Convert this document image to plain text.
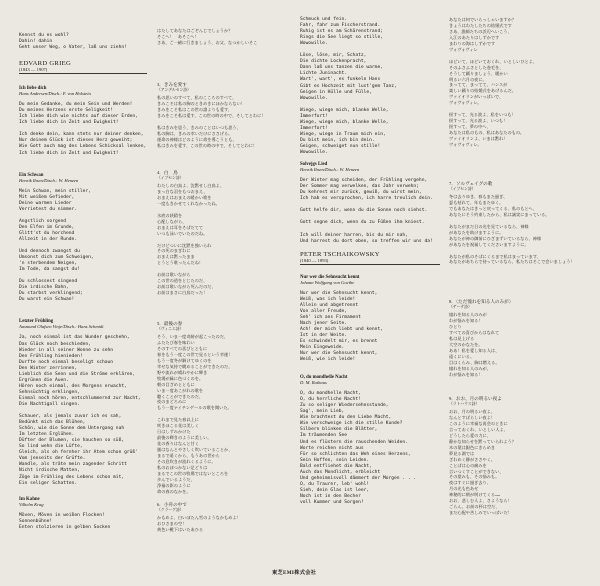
Kennst du es wohl?
Dahin! dahin
Geht unser Weg, o Vater, laß uns ziehn!
EDVARD GRIEG
(1843 — 1907)
Ich liebe dich
Hans Andersen/Dtsch.: F. von Holstein
Du mein Gedanke, du mein Sein und Werden!
Du meines Herzens erste Seligkeit!
Ich liebe dich wie nichts auf dieser Erden,
Ich liebe dich in Zeit und Ewigkeit!

Ich denke dein, kann stets nur deiner denken,
Nur deinem Glück ist dieses Herz geweiht;
Wie Gott auch mag des Lebens Schicksal lenken,
Ich liebe dich in Zeit und Ewigkeit!
Ein Schwan
Henrik Ibsen/Dtsch.: W. Henzen
Mein Schwan, mein stiller,
Mit weißem Gefieder,
Deine warmen Lieder
Verrietest du nimmer.

Angstlich sorgend
Den Elfen im Grunde,
Glitt'st du horchend
Allzeit in der Runde.

Und dennoch zwangst du
Umsonst dich zum Schweigen,
'n sterbendem Neigen,
Im Tode, da sangst du!

Du schlossest singend
Die irdische Bahn,
Du starbst verklingend;
Du warst ein Schwan!
Letzter Frühling
Aasmund Olafsen Vinje/Dtsch.: Hans Schmidt
Ja, noch einmal ist das Wunder geschehn,
Das Glück noch beschieden,
Wieder in all seiner Wonne zu sehn
Den Frühling hienieden!
Durfte noch einmal beseligt schaun
Den Winter zerrinnen,
Lieblich die Senn und die Ströme erklären,
Ergrünen die Auen.
Hören noch einmal, des Morgens erwacht,
Sehnsüchtig erklingen,
Einmal noch hören, entschlummernd zur Nacht,
Die Nachtigall singen.

Schauer, als jemals zuvor ich es sah,
Bedünkt mich das Blühen,
Schön, wie die Sonne dem Untergang nah
Im letzten Erglühen.
Düfter der Blumen, sie hauchen so süß,
So lind wehn die Lüfte,
Gleich, als oh fernher ihr Atem schon grüß'
Vom jenseits der Grüfte.
Wandle, als träte mein zagender Schritt
Nicht irdische Matten,
Zöge im Frühling des Lebens schon mit,
Ein seliger Schatten.
Im Kahne
Vilhelm Krag
Möven, Möven in weißen Flocken!
Sonnenbühne!
Enten stolzieren in gelben Socken
はたしてあなたはごぞんじでしょうか？
そこへ！　あそこへ！
さあ、ご一緒に行きましょう、お父、なつかしいそこ
3．きみを愛す
（アンデルセン詩）
私の思いのすべて、私のこころのすべて、
きみこそは私の胸のときめきにほかならない！
きみをこそ私はこの世の誰よりも愛す、
きみをこそ私は愛す、この世の時の中で、そしてとわに！

私はきみを思う、きみのことはいつも思う、
私の胸は、きみの幸いだけにささげる。
運命の神様はどのように命を導こうとも、
私はきみを愛す、この世の時の中で、そしてとわに！
4．白　鳥
（イブセン詩）
わたしの白鳥よ、沈黙せし白鳥よ、
まっ白な羽をもつおまえ、
おまえはおまえの暖かい歌を
一度もきかせてくれなかったね。

水底の妖精を
心配しながら、
おまえは耳をそばだてて
いつも泳いでいたのだね。

だけどついに沈黙を強いられ
その死のまぎわに
おまえは黙ったまま
とうとう歌ったんだね！

お前は歌いながら
この世の道をとじたのだ、
お前は歌いながら死んだのだ、
お前はまさに白鳥だった！
5．最後の春
（ヴィニエ詩）
そう、いま一度奇跡が起こったのだ、
ふたたび春を味わい
そのすべての喜びとともに
春をもう一度この世で見るという幸運！
もう一度冬が解けてゆくのを
幸せな気持で眺めることができたのだ、
野や流れが晴れやかに輝き
牧場が緑に色づくのを。
朝の目ざめとともに
いま一度あこがれの歌を
聴くことができたのだ、
夜のまどろみに
もう一度ナイチンゲールの歌を聞いた。

これまで見た春以上に
咲きほこる花は美しく
日はしずみかけた
最後の輝きのように美しい。
花の香りはなんと甘く
風はなんとやさしく吹いていることか、
まるで遠くから、もうあの世から
その息吹きが流れくるように。
私のおぼつかない足どりは
まるでこの世の牧場ではないところを
歩んでいるようだ、
浄福の影のように
命の春のなかを。
6．小舟の中で
（クラーグ詩）
かもめよ、白いぼたん雪のようなかもめよ！
おひさまの空！
黄色い靴下はいたあひる
Schmuck und fein.
Fahr, fahr zum Fischerstrand.
Ruhig ist es am Schärenstrand;
Rings die See liegt so stille,
Wowowille.

Löse, löse, mir, Schatz,
Die dichte Lockenpracht,
Dann laß uns tanzen die warme,
Lichte Juninacht.
Wart', wart', es funkeln Hans
Gibt es Hochzeit mit lust'gem Tanz,
Geigen in Hülle und Fülle,
Wowowille.

Wiege, wiege mich, blanke Welle,
Immerfort!
Wiege, wiege mich, blanke Welle,
Immerfort!
Wiege, wiege in Traum mich ein,
Du bist mein, ich bin dein.
Geigen, schweiget nun stille!
Wowowille.
Solvejgs Lied
Henrik Ibsen/Dtsch.: W. Henzen
Der Winter mag scheiden, der Frühling vergehn,
Der Sommer mag verwelken, das Jahr verwehn;
Du kehrest mir zurück, gewiß, du wirst mein,
Ich hab es versprochen, ich harre treulich dein.

Gott helfe dir, wenn du die Sonne noch siehst.

Gott segne dich, wenn du zu Füßen ihm kniest.

Ich will deiner harren, bis du mir nah,
Und harrest du dort oben, so treffen wir uns da!
PETER TSCHAIKOWSKY
(1840 — 1893)
Nur wer die Sehnsucht kennt
Johann Wolfgang von Goethe
Nur wer die Sehnsucht kennt,
Weiß, was ich leide!
Allein und abgetrennt
Von aller Freude,
Seh' ich ans Firmament
Nach jener Seite.
Ach! der mich liebt und kennt,
Ist in der Weite.
Es schwindelt mir, es brennt
Mein Eingeweide.
Nur wer die Sehnsucht kennt,
Weiß, wie ich leide!
O, du mondhelle Nacht
D. M. Rathaus
O, du mondhelle Nacht,
O, du herrliche Nacht!
Zu so seliger Wiedersehnsstunde,
Sag', mein Lieb,
Wie brachtest du den Liebe Macht,
Wie verschweige ich die stille Kunde?
Silbern blinken die Blätter,
Im träumenden See
Und es flüstern die rauschenden Weiden.
Worte reichen nicht aus
Für so schlichten das Weh eines Herzens,
Sein Hoffen, sein Leiden.
Bald entfliehet die Nacht,
Auch das Mondlicht, erbleicht
Und geheimnisvoll dämmert der Morgen . . .
O, du Traurer, leb' wohl!
Sieh, dein Glas ist leer,
Noch ist in den Becher
voll Kummer und Sorgen!
あなたは何でいらっしゃいますか？
きょうはわたしたちの結婚式です
さあ、漁師たちの浜辺へいこう、
入江のあたりはしずかです
まわりの海はしずかです
ヴォヴォヴィレ

ほどいて、ほどいておくれ、いとしいひとよ、
そのふさふさとした巻毛を、
そうして踊りましょう、暖かい
明るい六月の夜に。
まってて、まってて、ハンスが
楽しい踊りの結婚式をあげるんだ。
ヴァイオリンがいっぱいで、
ヴォヴォヴィレ。

揺すって、光る波よ、私をいつも！
揺すって、光る波よ、いつも！
揺すって、夢の中へ、
あなたは私のもの、私はあなたのもの。
ヴァイオリンよ、いまは黙れ！
ヴォヴォヴィレ。
7．ソルヴェイグの歌
（イブセン詩）
冬は去りゆき、春もまた過ぎ、
夏も枯れて、年もまたゆく。
でもあなたはきっと戻ってくる、私のもとへ、
あなたにそう約束したから、私は誠実にまっている。

あなたがまだ日の光を見ているなら、神様
があなたを助けますように。
あなたが神の御前にひざまずいているなら、神様
があなたを祝福してくださいますように。

あなたが私のそばにくるまで私はまっています、
あなたがあちらで待っているなら、私たちはそこで会いましょう！
8．〈ただ憧れを知る人のみが〉
（ゲーテ詩）
憧れを知る人のみが
わが悩みを知る！
ひとり
すべての喜びからはなれて
私は見上げる
大空のかなたを。
ああ！私を愛し知る人は、
遠くにいる。
目はくらみ、胸は燃える。
憧れを知る人のみが、
わが悩みを知る！
9．おお、月の明るい夜よ
（ラトハウス詩）
おお、月の明るい夜よ、
なんとすばらしい夜よ！
このように幸福な再会のときに
言っておくれ、いとしい人よ、
どうしたら愛の力に、
静かな知らせを黙っていられよう？
木の葉は銀色にきらめき
夢見る湖では
ざわめく柳がささやく。
ことばは心の痛みを
言いつくすことができない、
その望みも、その悩みも。
夜はすぐに過ぎ去り、
月の光も色あせ
神秘的に朝が明けてくる……
おお、悲しむ人よ、さようなら！
ごらん、お前の杯は空だ、
まだ心配や苦しみでいっぱいだ！
東芝EMI株式会社
